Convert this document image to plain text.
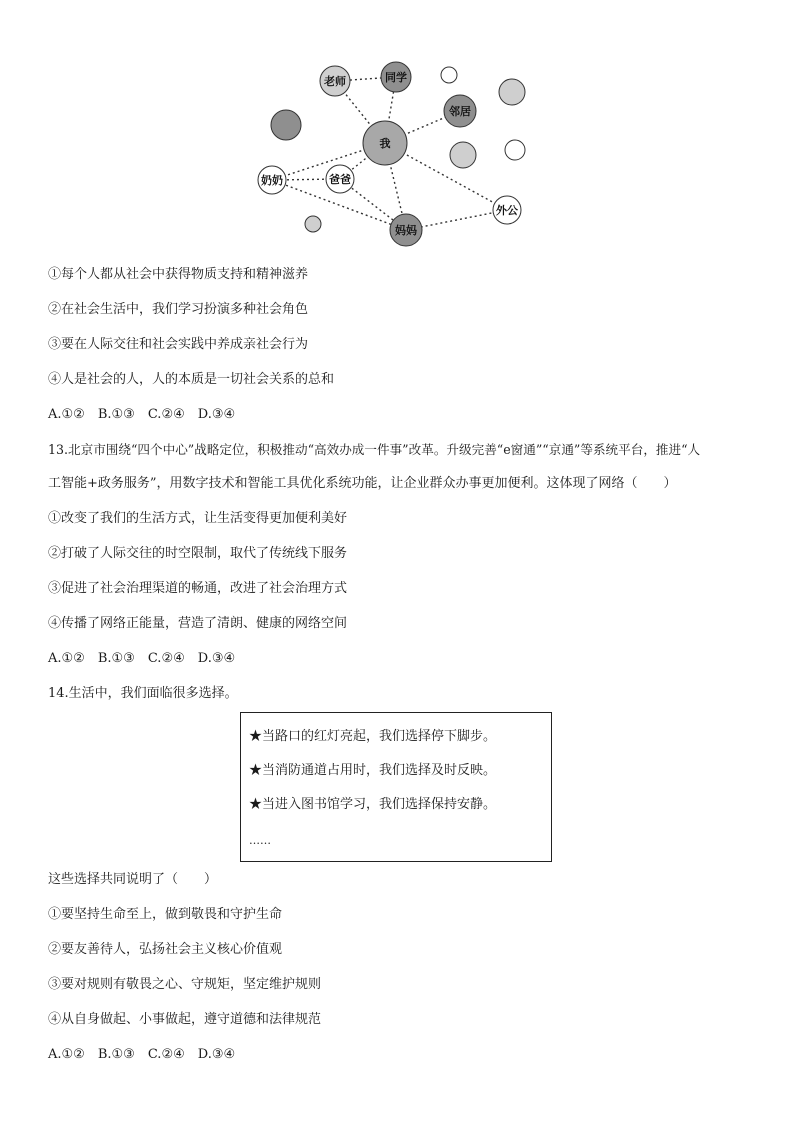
老师	同学
邻居
我
奶奶	爸爸
妈妈
外公
①每个人都从社会中获得物质支持和精神滋养
②在社会生活中，我们学习扮演多种社会角色
③要在人际交往和社会实践中养成亲社会行为
④人是社会的人，人的本质是一切社会关系的总和
A.①②　B.①③　C.②④　D.③④
13.北京市围绕“四个中心”战略定位，积极推动“高效办成一件事”改革。升级完善“e窗通”“京通”等系统平台，推进“人
工智能+政务服务”，用数字技术和智能工具优化系统功能，让企业群众办事更加便利。这体现了网络（　　）
①改变了我们的生活方式，让生活变得更加便利美好
②打破了人际交往的时空限制，取代了传统线下服务
③促进了社会治理渠道的畅通，改进了社会治理方式
④传播了网络正能量，营造了清朗、健康的网络空间
A.①②　B.①③　C.②④　D.③④
14.生活中，我们面临很多选择。
★当路口的红灯亮起，我们选择停下脚步。
★当消防通道占用时，我们选择及时反映。
★当进入图书馆学习，我们选择保持安静。
……
这些选择共同说明了（　　）
①要坚持生命至上，做到敬畏和守护生命
②要友善待人，弘扬社会主义核心价值观
③要对规则有敬畏之心、守规矩，坚定维护规则
④从自身做起、小事做起，遵守道德和法律规范
A.①②　B.①③　C.②④　D.③④
